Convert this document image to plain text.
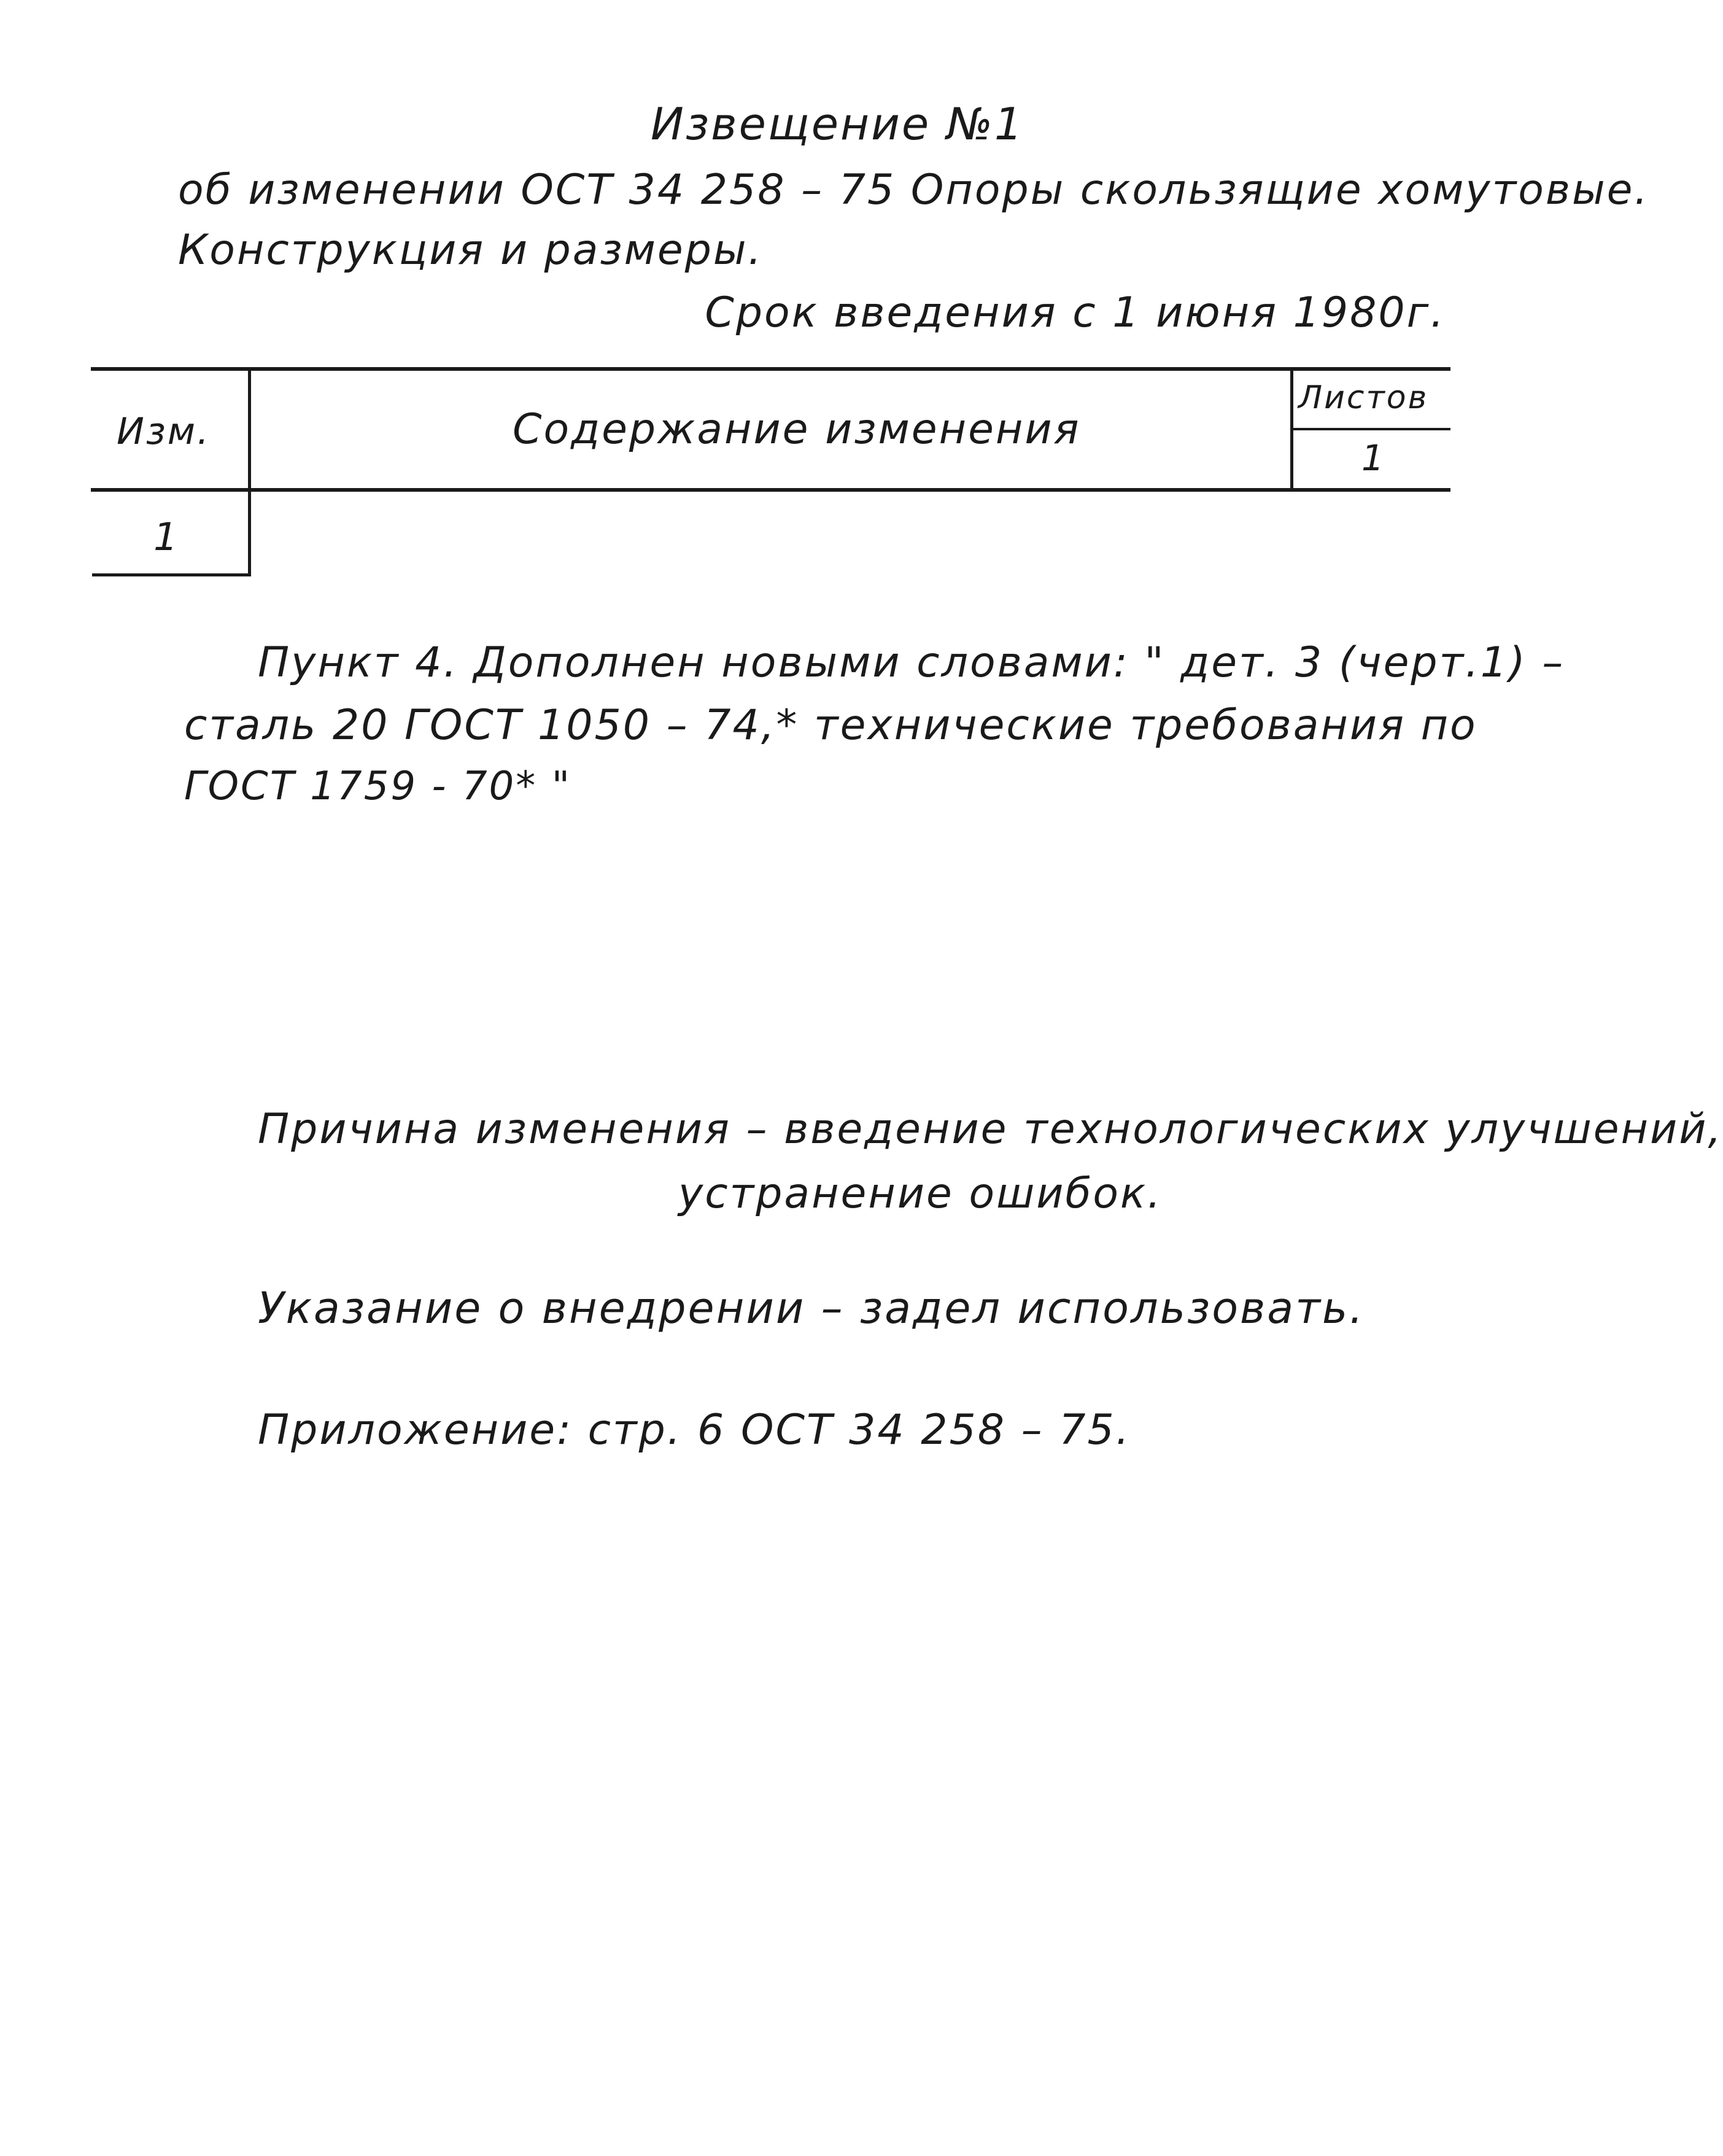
Извещение №1
об изменении ОСТ 34 258 – 75 Опоры скользящие хомутовые.
Конструкция и размеры.
Срок введения с 1 июня 1980г.
Изм.	Содержание изменения
Листов
1
1
Пункт 4. Дополнен новыми словами: " дет. 3 (черт.1) –
сталь 20 ГОСТ 1050 – 74,* технические требования по
ГОСТ 1759 - 70* "
Причина изменения – введение технологических улучшений,
устранение ошибок.
Указание о внедрении – задел использовать.
Приложение: стр. 6 ОСТ 34 258 – 75.
